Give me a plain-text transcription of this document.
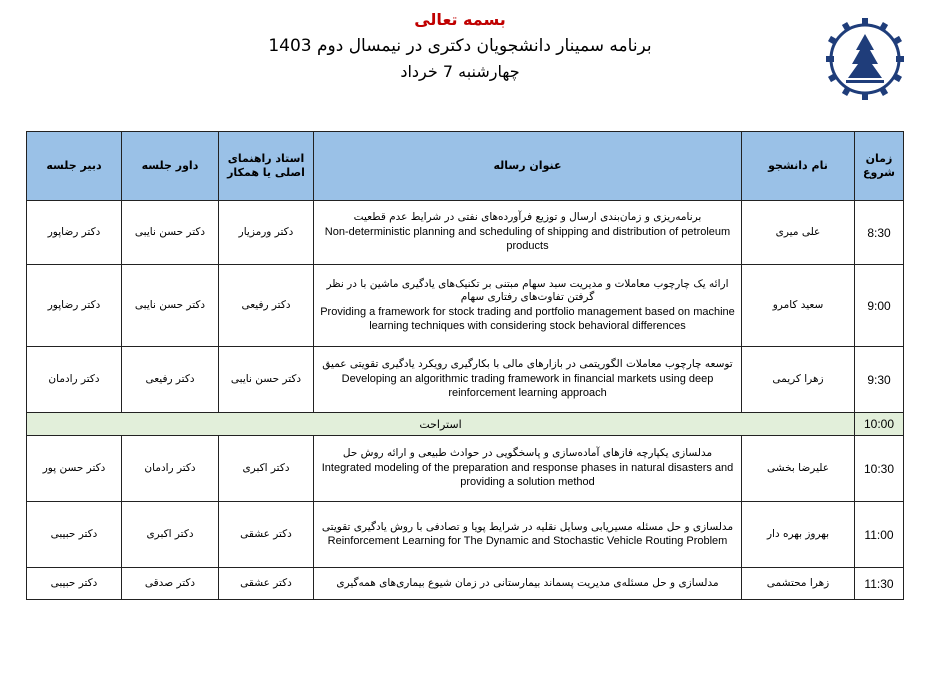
بسمه تعالی
برنامه سمینار دانشجویان دکتری در نیمسال دوم 1403
چهارشنبه 7 خرداد
زمان شروع	نام دانشجو	عنوان رساله	استاد راهنمای اصلی یا همکار	داور جلسه	دبیر جلسه
8:30	علی میری	برنامه‌ریزی و زمان‌بندی ارسال و توزیع فرآورده‌های نفتی در شرایط عدم قطعیت
Non-deterministic planning and scheduling of shipping and distribution of petroleum products	دکتر ورمزیار	دکتر حسن نایبی	دکتر رضاپور
9:00	سعید کامرو	ارائه یک چارچوب معاملات و مدیریت سبد سهام مبتنی بر تکنیک‌های یادگیری ماشین با در نظر گرفتن تفاوت‌های رفتاری سهام
Providing a framework for stock trading and portfolio management based on machine learning techniques with considering stock behavioral differences	دکتر رفیعی	دکتر حسن نایبی	دکتر رضاپور
9:30	زهرا کریمی	توسعه چارچوب معاملات الگوریتمی در بازارهای مالی با بکارگیری رویکرد یادگیری تقویتی عمیق
Developing an algorithmic trading framework in financial markets using deep reinforcement learning approach	دکتر حسن نایبی	دکتر رفیعی	دکتر رادمان
10:00	استراحت				
10:30	علیرضا بخشی	مدلسازی یکپارچه فازهای آماده‌سازی و پاسخگویی در حوادث طبیعی و ارائه روش حل
Integrated modeling of the preparation and response phases in natural disasters and providing a solution method	دکتر اکبری	دکتر رادمان	دکتر حسن پور
11:00	بهروز بهره دار	مدلسازی و حل مسئله مسیریابی وسایل نقلیه در شرایط پویا و تصادفی با روش یادگیری تقویتی
Reinforcement Learning for The Dynamic and Stochastic Vehicle Routing Problem	دکتر عشقی	دکتر اکبری	دکتر حبیبی
11:30	زهرا محتشمی	مدلسازی و حل مسئله‌ی مدیریت پسماند بیمارستانی در زمان شیوع بیماری‌های همه‌گیری	دکتر عشقی	دکتر صدقی	دکتر حبیبی
